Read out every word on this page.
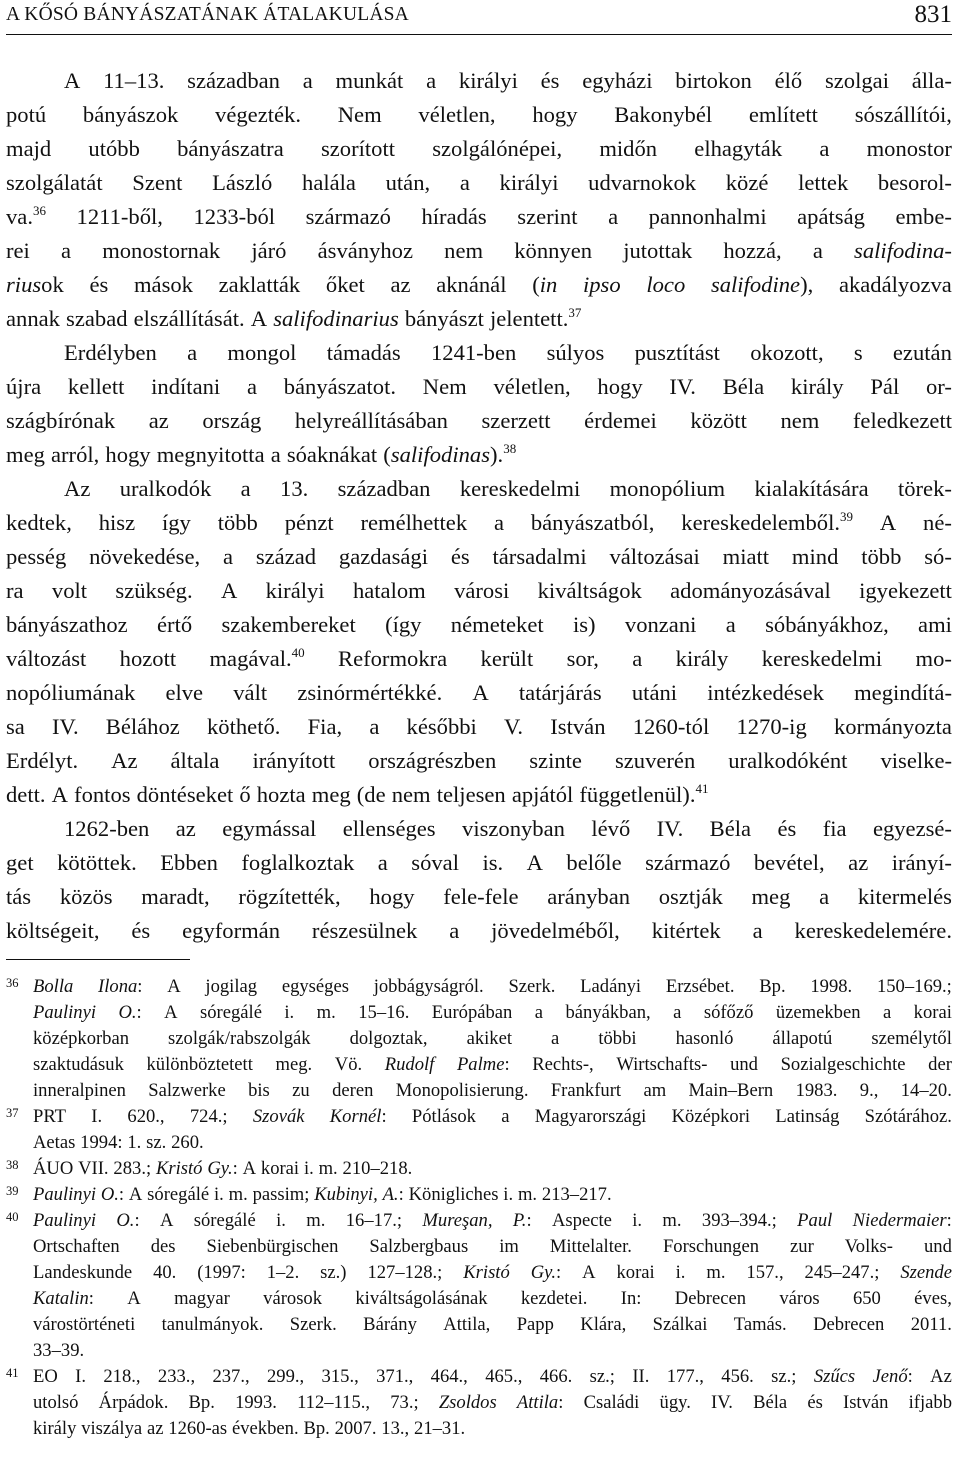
A KŐSÓ BÁNYÁSZATÁNAK ÁTALAKULÁSA	831
A 11–13. században a munkát a királyi és egyházi birtokon élő szolgai álla-
potú bányászok végezték. Nem véletlen, hogy Bakonybél említett sószállítói,
majd utóbb bányászatra szorított szolgálónépei, midőn elhagyták a monostor
szolgálatát Szent László halála után, a királyi udvarnokok közé lettek besorol-
va.$^{36}$ 1211-ből, 1233-ból származó híradás szerint a pannonhalmi apátság embe-
rei a monostornak járó ásványhoz nem könnyen jutottak hozzá, a salifodina-
riusok és mások zaklatták őket az aknánál (in ipso loco salifodine), akadályozva
annak szabad elszállítását. A salifodinarius bányászt jelentett.$^{37}$
Erdélyben a mongol támadás 1241-ben súlyos pusztítást okozott, s ezután
újra kellett indítani a bányászatot. Nem véletlen, hogy IV. Béla király Pál or-
szágbírónak az ország helyreállításában szerzett érdemei között nem feledkezett
meg arról, hogy megnyitotta a sóaknákat (salifodinas).$^{38}$
Az uralkodók a 13. században kereskedelmi monopólium kialakítására törek-
kedtek, hisz így több pénzt remélhettek a bányászatból, kereskedelemből.$^{39}$ A né-
pesség növekedése, a század gazdasági és társadalmi változásai miatt mind több só-
ra volt szükség. A királyi hatalom városi kiváltságok adományozásával igyekezett
bányászathoz értő szakembereket (így németeket is) vonzani a sóbányákhoz, ami
változást hozott magával.$^{40}$ Reformokra került sor, a király kereskedelmi mo-
nopóliumának elve vált zsinórmértékké. A tatárjárás utáni intézkedések megindítá-
sa IV. Bélához köthető. Fia, a későbbi V. István 1260-tól 1270-ig kormányozta
Erdélyt. Az általa irányított országrészben szinte szuverén uralkodóként viselke-
dett. A fontos döntéseket ő hozta meg (de nem teljesen apjától függetlenül).$^{41}$
1262-ben az egymással ellenséges viszonyban lévő IV. Béla és fia egyezsé-
get kötöttek. Ebben foglalkoztak a sóval is. A belőle származó bevétel, az irányí-
tás közös maradt, rögzítették, hogy fele-fele arányban osztják meg a kitermelés
költségeit, és egyformán részesülnek a jövedelméből, kitértek a kereskedelemére.
36 Bolla Ilona: A jogilag egységes jobbágyságról. Szerk. Ladányi Erzsébet. Bp. 1998. 150–169.;
Paulinyi O.: A sóregálé i. m. 15–16. Európában a bányákban, a sófőző üzemekben a korai
középkorban szolgák/rabszolgák dolgoztak, akiket a többi hasonló állapotú személytől
szaktudásuk különböztetett meg. Vö. Rudolf Palme: Rechts-, Wirtschafts- und Sozialgeschichte der
inneralpinen Salzwerke bis zu deren Monopolisierung. Frankfurt am Main–Bern 1983. 9., 14–20.
37 PRT I. 620., 724.; Szovák Kornél: Pótlások a Magyarországi Középkori Latinság Szótárához.
Aetas 1994: 1. sz. 260.
38 ÁUO VII. 283.; Kristó Gy.: A korai i. m. 210–218.
39 Paulinyi O.: A sóregálé i. m. passim; Kubinyi, A.: Königliches i. m. 213–217.
40 Paulinyi O.: A sóregálé i. m. 16–17.; Mureşan, P.: Aspecte i. m. 393–394.; Paul Niedermaier:
Ortschaften des Siebenbürgischen Salzbergbaus im Mittelalter. Forschungen zur Volks- und
Landeskunde 40. (1997: 1–2. sz.) 127–128.; Kristó Gy.: A korai i. m. 157., 245–247.; Szende
Katalin: A magyar városok kiváltságolásának kezdetei. In: Debrecen város 650 éves,
várostörténeti tanulmányok. Szerk. Bárány Attila, Papp Klára, Szálkai Tamás. Debrecen 2011.
33–39.
41 EO I. 218., 233., 237., 299., 315., 371., 464., 465., 466. sz.; II. 177., 456. sz.; Szűcs Jenő: Az
utolsó Árpádok. Bp. 1993. 112–115., 73.; Zsoldos Attila: Családi ügy. IV. Béla és István ifjabb
király viszálya az 1260-as években. Bp. 2007. 13., 21–31.
